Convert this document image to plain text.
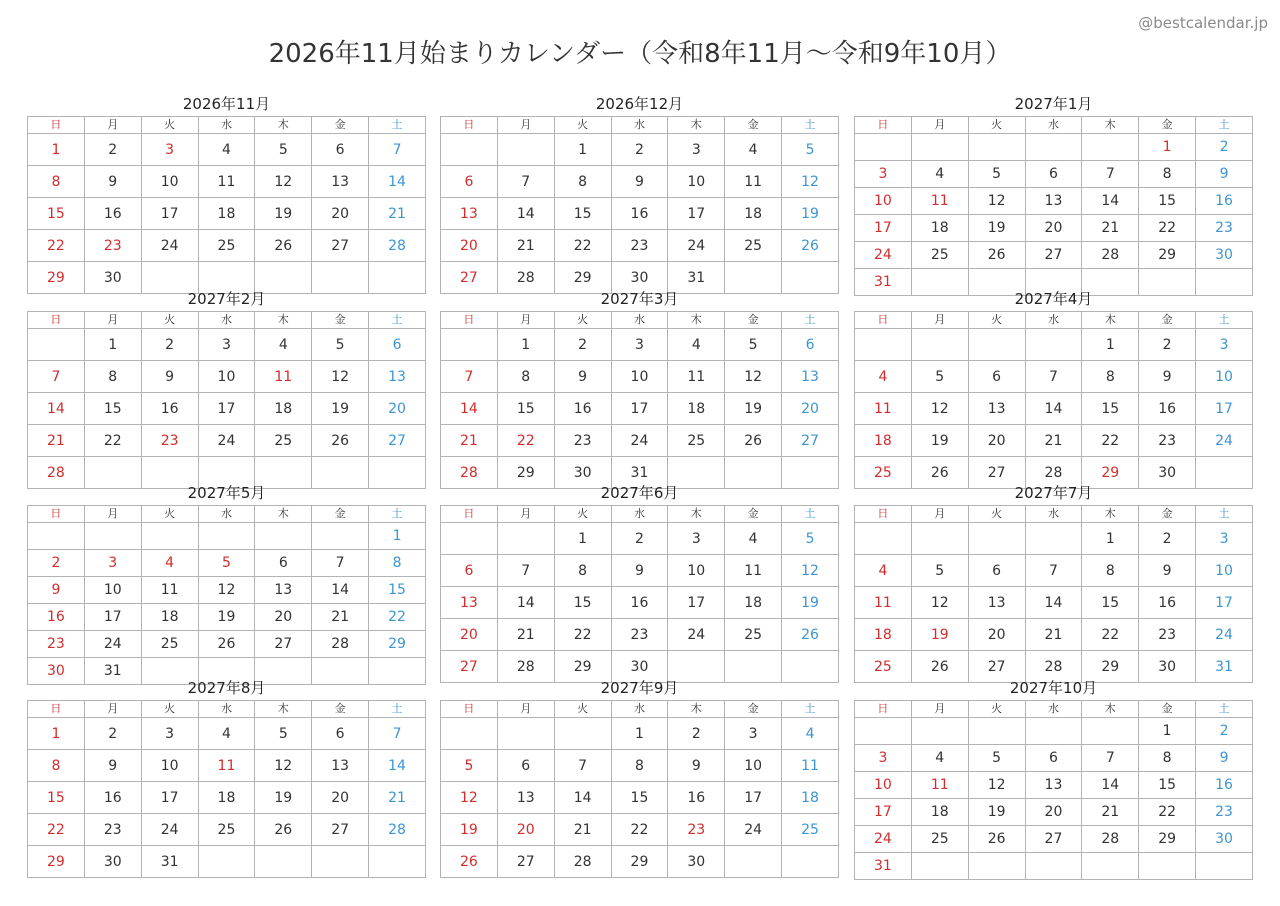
@bestcalendar.jp
2026年11月始まりカレンダー（令和8年11月〜令和9年10月）
2026年11月
日	月	火	水	木	金	土
1	2	3	4	5	6	7
8	9	10	11	12	13	14
15	16	17	18	19	20	21
22	23	24	25	26	27	28
29	30					
2026年12月
日	月	火	水	木	金	土
		1	2	3	4	5
6	7	8	9	10	11	12
13	14	15	16	17	18	19
20	21	22	23	24	25	26
27	28	29	30	31		
2027年1月
日	月	火	水	木	金	土
					1	2
3	4	5	6	7	8	9
10	11	12	13	14	15	16
17	18	19	20	21	22	23
24	25	26	27	28	29	30
31						
2027年2月
日	月	火	水	木	金	土
	1	2	3	4	5	6
7	8	9	10	11	12	13
14	15	16	17	18	19	20
21	22	23	24	25	26	27
28						
2027年3月
日	月	火	水	木	金	土
	1	2	3	4	5	6
7	8	9	10	11	12	13
14	15	16	17	18	19	20
21	22	23	24	25	26	27
28	29	30	31			
2027年4月
日	月	火	水	木	金	土
				1	2	3
4	5	6	7	8	9	10
11	12	13	14	15	16	17
18	19	20	21	22	23	24
25	26	27	28	29	30	
2027年5月
日	月	火	水	木	金	土
						1
2	3	4	5	6	7	8
9	10	11	12	13	14	15
16	17	18	19	20	21	22
23	24	25	26	27	28	29
30	31					
2027年6月
日	月	火	水	木	金	土
		1	2	3	4	5
6	7	8	9	10	11	12
13	14	15	16	17	18	19
20	21	22	23	24	25	26
27	28	29	30			
2027年7月
日	月	火	水	木	金	土
				1	2	3
4	5	6	7	8	9	10
11	12	13	14	15	16	17
18	19	20	21	22	23	24
25	26	27	28	29	30	31
2027年8月
日	月	火	水	木	金	土
1	2	3	4	5	6	7
8	9	10	11	12	13	14
15	16	17	18	19	20	21
22	23	24	25	26	27	28
29	30	31				
2027年9月
日	月	火	水	木	金	土
			1	2	3	4
5	6	7	8	9	10	11
12	13	14	15	16	17	18
19	20	21	22	23	24	25
26	27	28	29	30		
2027年10月
日	月	火	水	木	金	土
					1	2
3	4	5	6	7	8	9
10	11	12	13	14	15	16
17	18	19	20	21	22	23
24	25	26	27	28	29	30
31						
